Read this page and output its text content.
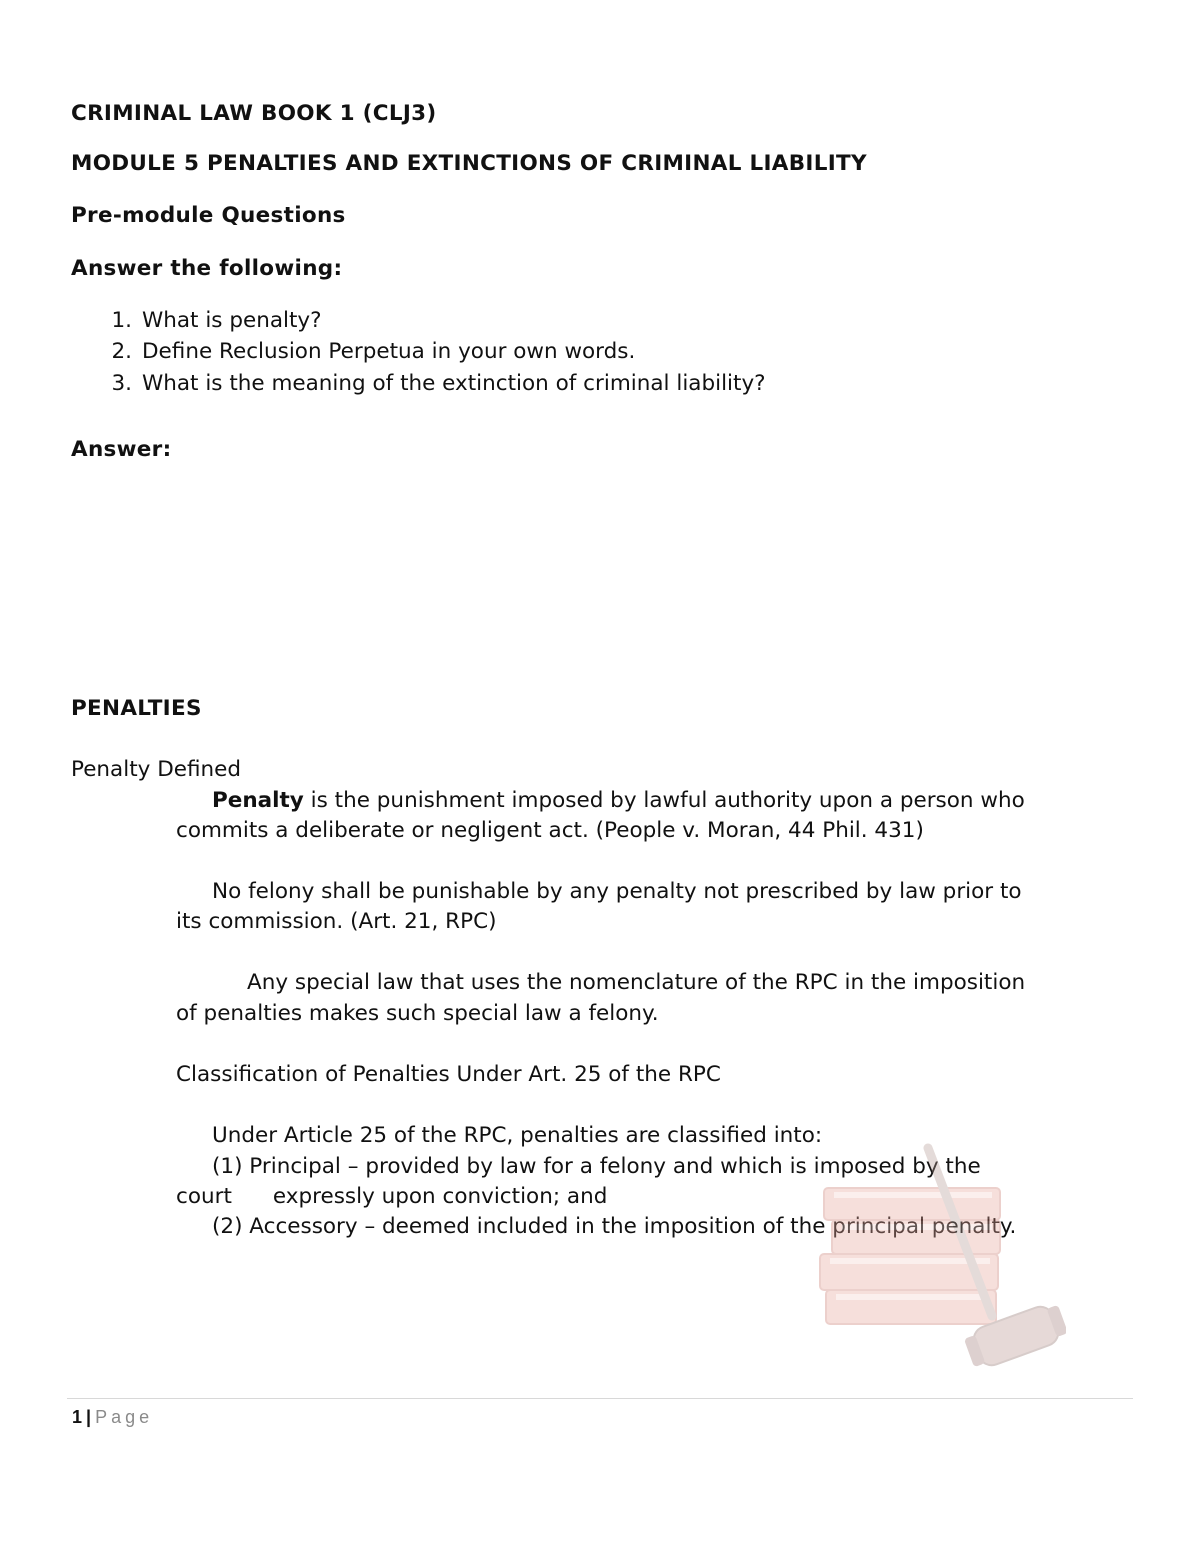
CRIMINAL LAW BOOK 1 (CLJ3)
MODULE 5 PENALTIES AND EXTINCTIONS OF CRIMINAL LIABILITY
Pre-module Questions
Answer the following:
1. What is penalty?
2. Define Reclusion Perpetua in your own words.
3. What is the meaning of the extinction of criminal liability?
Answer:
PENALTIES
Penalty Defined
Penalty is the punishment imposed by lawful authority upon a person who
commits a deliberate or negligent act. (People v. Moran, 44 Phil. 431)
No felony shall be punishable by any penalty not prescribed by law prior to
its commission. (Art. 21, RPC)
Any special law that uses the nomenclature of the RPC in the imposition
of penalties makes such special law a felony.
Classification of Penalties Under Art. 25 of the RPC
Under Article 25 of the RPC, penalties are classified into:
(1) Principal – provided by law for a felony and which is imposed by the
court      expressly upon conviction; and
(2) Accessory – deemed included in the imposition of the principal penalty.
1 | Page
